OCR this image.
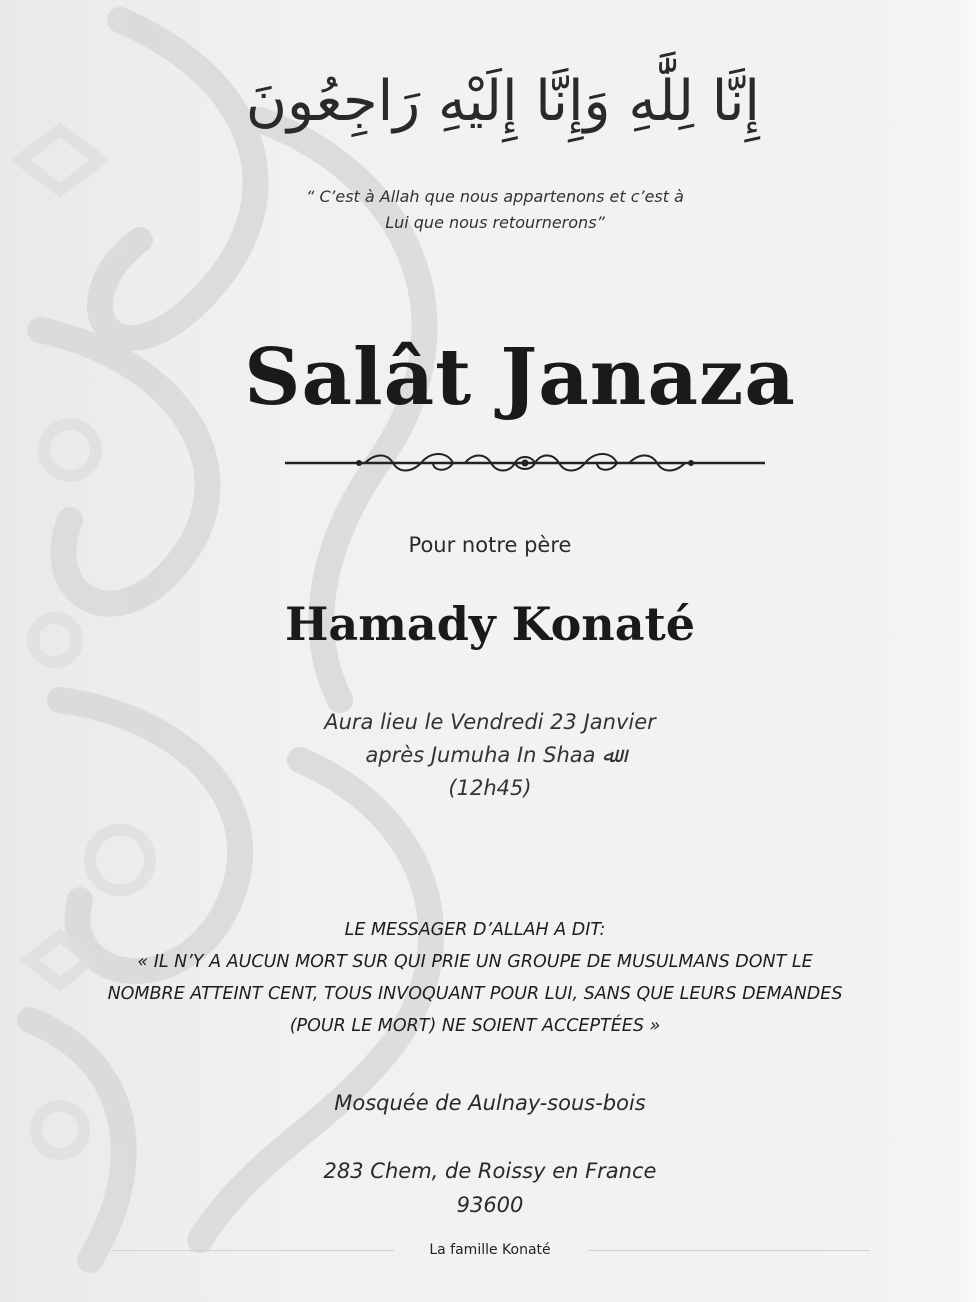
إِنَّا لِلَّٰهِ وَإِنَّا إِلَيْهِ رَاجِعُونَ
“ C’est à Allah que nous appartenons et c’est à
Lui que nous retournerons”
Salât Janaza
Pour notre père
Hamady Konaté
Aura lieu le Vendredi 23 Janvier
après Jumuha In Shaa ﷲ
(12h45)
LE MESSAGER D’ALLAH A DIT:
« IL N’Y A AUCUN MORT SUR QUI PRIE UN GROUPE DE MUSULMANS DONT LE
NOMBRE ATTEINT CENT, TOUS INVOQUANT POUR LUI, SANS QUE LEURS DEMANDES
(POUR LE MORT) NE SOIENT ACCEPTÉES »
Mosquée de Aulnay-sous-bois
283 Chem, de Roissy en France
93600
La famille Konaté
